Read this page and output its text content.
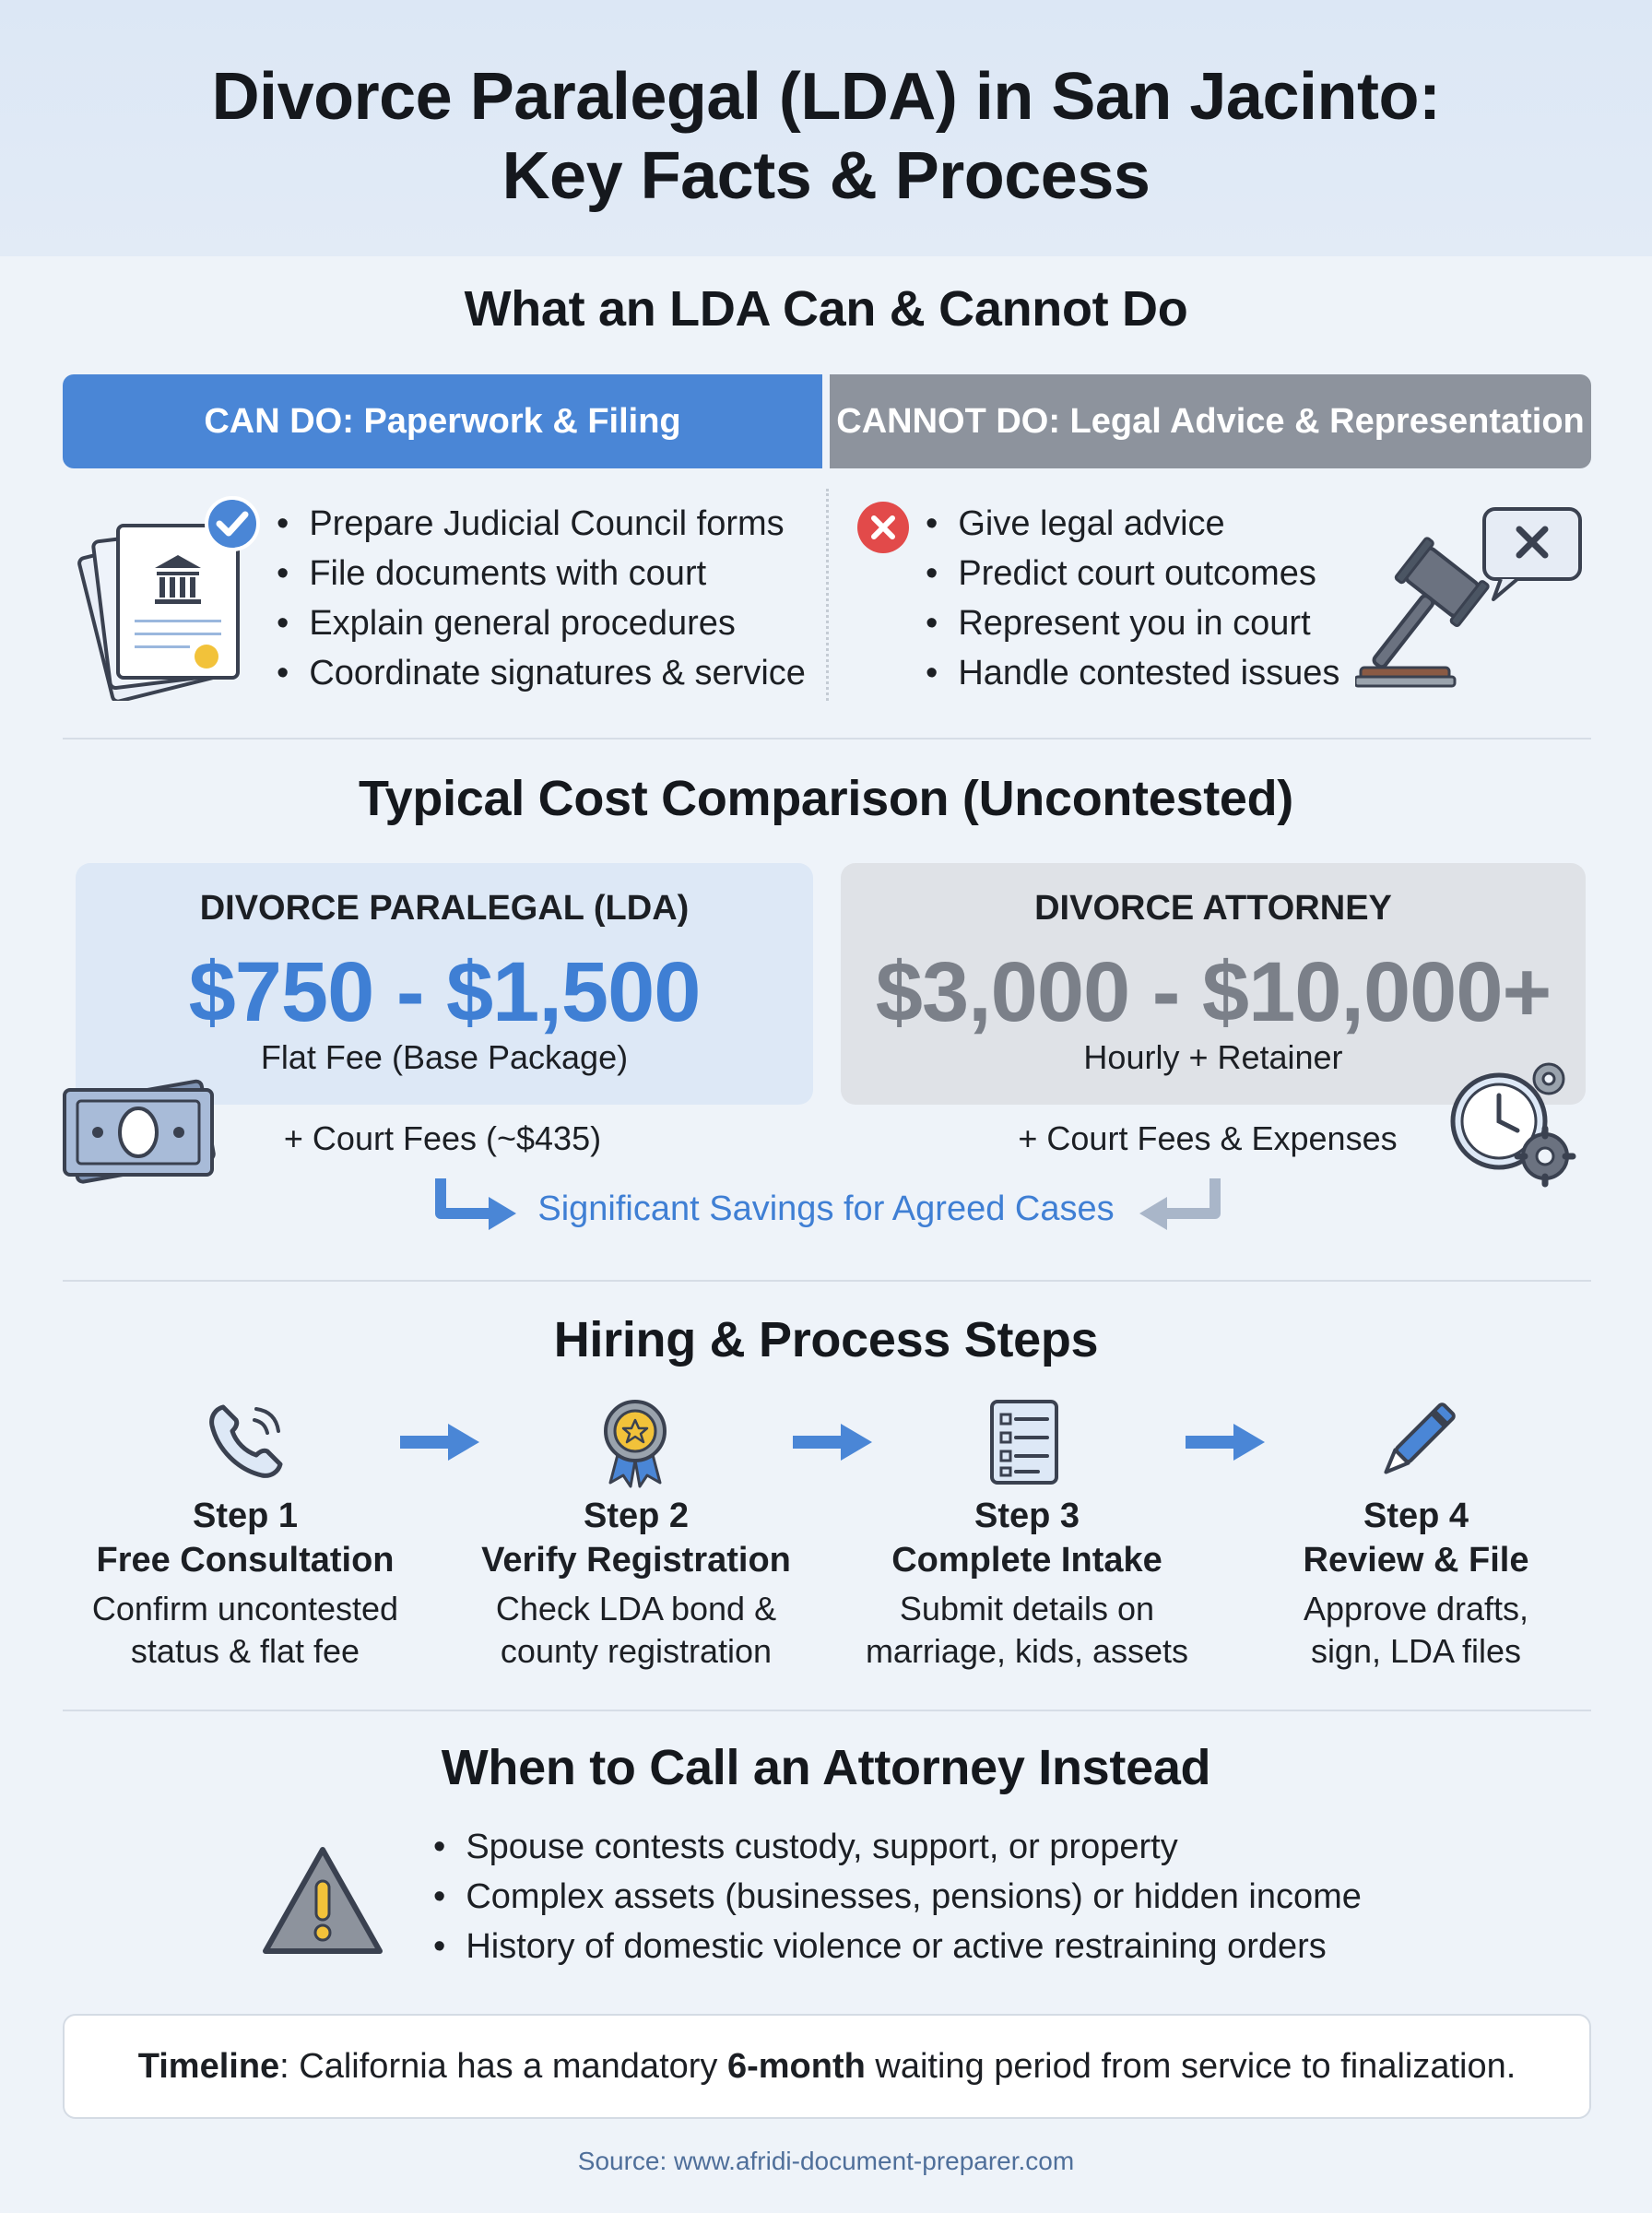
Divorce Paralegal (LDA) in San Jacinto:
Key Facts & Process
What an LDA Can & Cannot Do
CAN DO: Paperwork & Filing	CANNOT DO: Legal Advice & Representation
• Prepare Judicial Council forms
• File documents with court
• Explain general procedures
• Coordinate signatures & service
• Give legal advice
• Predict court outcomes
• Represent you in court
• Handle contested issues
Typical Cost Comparison (Uncontested)
DIVORCE PARALEGAL (LDA)
$750 - $1,500
Flat Fee (Base Package)
DIVORCE ATTORNEY
$3,000 - $10,000+
Hourly + Retainer
+ Court Fees (~$435)	+ Court Fees & Expenses
Significant Savings for Agreed Cases
Hiring & Process Steps
Step 1
Free Consultation
Confirm uncontested
status & flat fee
Step 2
Verify Registration
Check LDA bond &
county registration
Step 3
Complete Intake
Submit details on
marriage, kids, assets
Step 4
Review & File
Approve drafts,
sign, LDA files
When to Call an Attorney Instead
• Spouse contests custody, support, or property
• Complex assets (businesses, pensions) or hidden income
• History of domestic violence or active restraining orders
Timeline: California has a mandatory 6-month waiting period from service to finalization.
Source: www.afridi-document-preparer.com
